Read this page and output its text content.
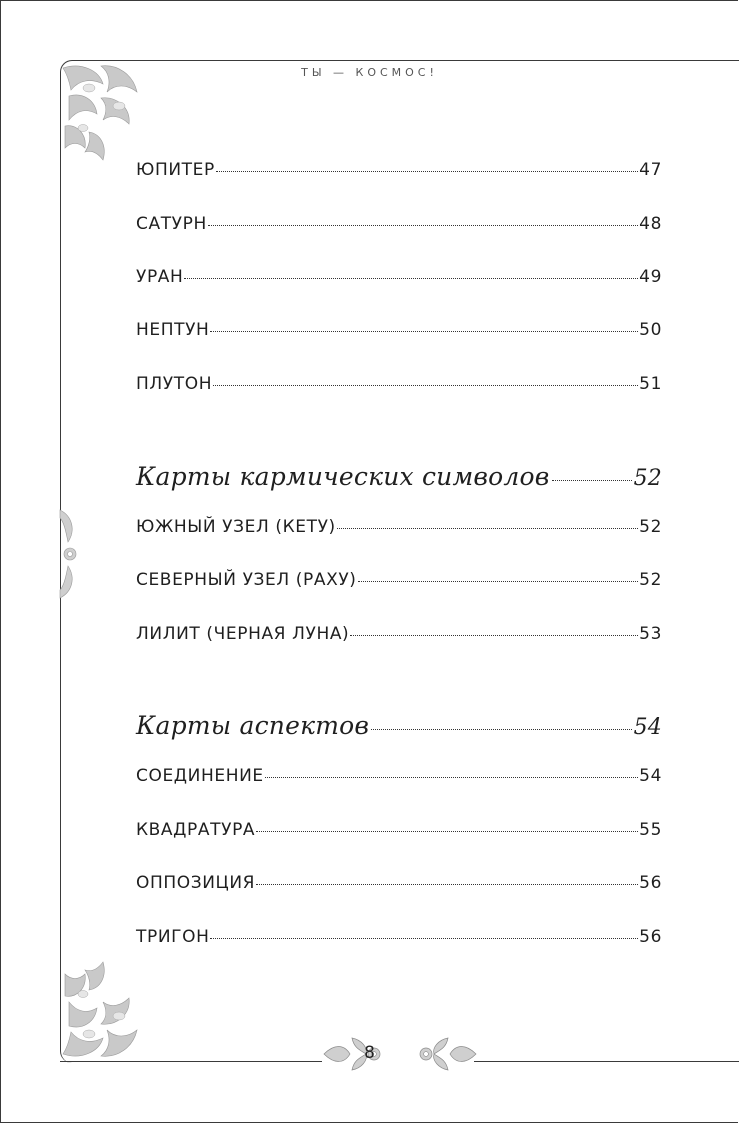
ТЫ — КОСМОС!
ЮПИТЕР	47
САТУРН	48
УРАН	49
НЕПТУН	50
ПЛУТОН	51
Карты кармических символов	52
ЮЖНЫЙ УЗЕЛ (КЕТУ)	52
СЕВЕРНЫЙ УЗЕЛ (РАХУ)	52
ЛИЛИТ (ЧЕРНАЯ ЛУНА)	53
Карты аспектов	54
СОЕДИНЕНИЕ	54
КВАДРАТУРА	55
ОППОЗИЦИЯ	56
ТРИГОН	56
8
